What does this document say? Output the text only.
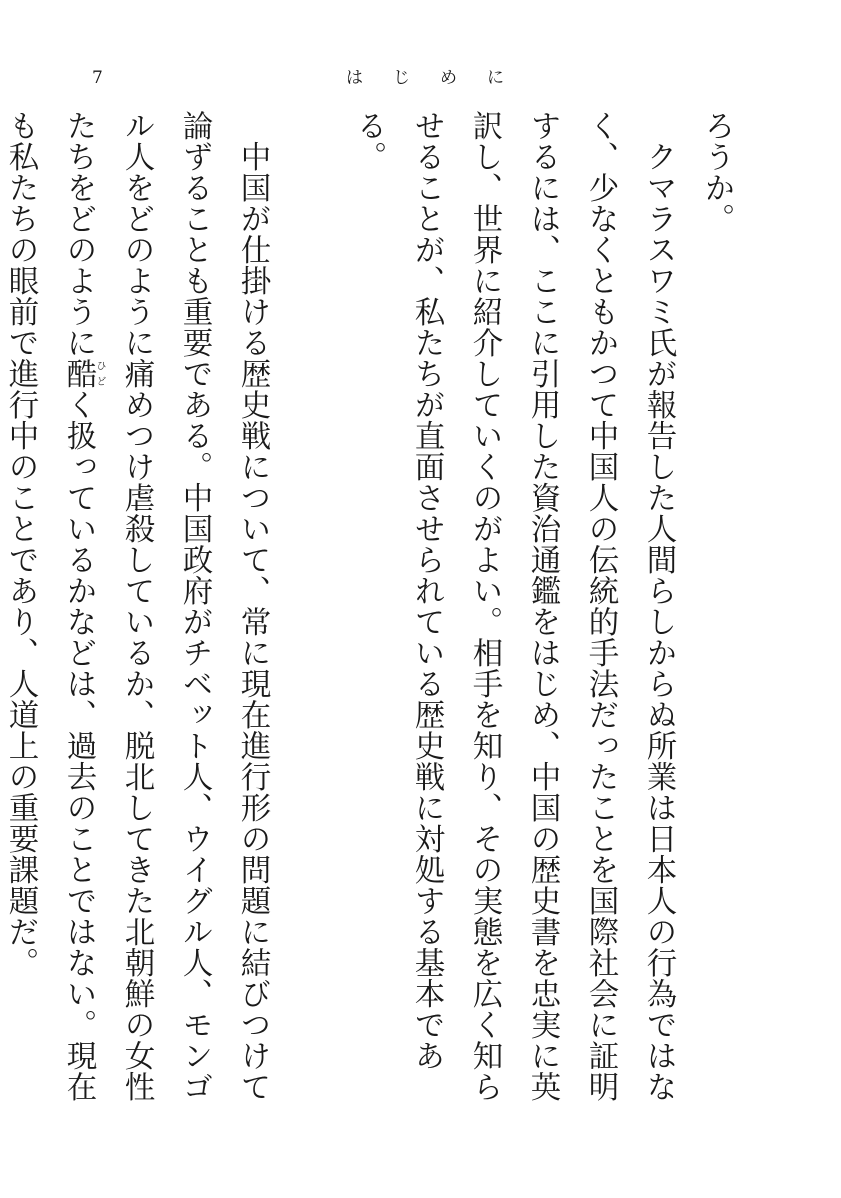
7	はじめに

ろうか。

クマラスワミ氏が報告した人間らしからぬ所業は日本人の行為ではなく、少なくともかつて中国人の伝統的手法だったことを国際社会に証明するには、ここに引用した資治通鑑をはじめ、中国の歴史書を忠実に英訳し、世界に紹介していくのがよい。相手を知り、その実態を広く知らせることが、私たちが直面させられている歴史戦に対処する基本である。

中国が仕掛ける歴史戦について、常に現在進行形の問題に結びつけて論ずることも重要である。中国政府がチベット人、ウイグル人、モンゴル人をどのように痛めつけ虐殺しているか、脱北してきた北朝鮮の女性たちをどのように酷ひどく扱っているかなどは、過去のことではない。現在も私たちの眼前で進行中のことであり、人道上の重要課題だ。
